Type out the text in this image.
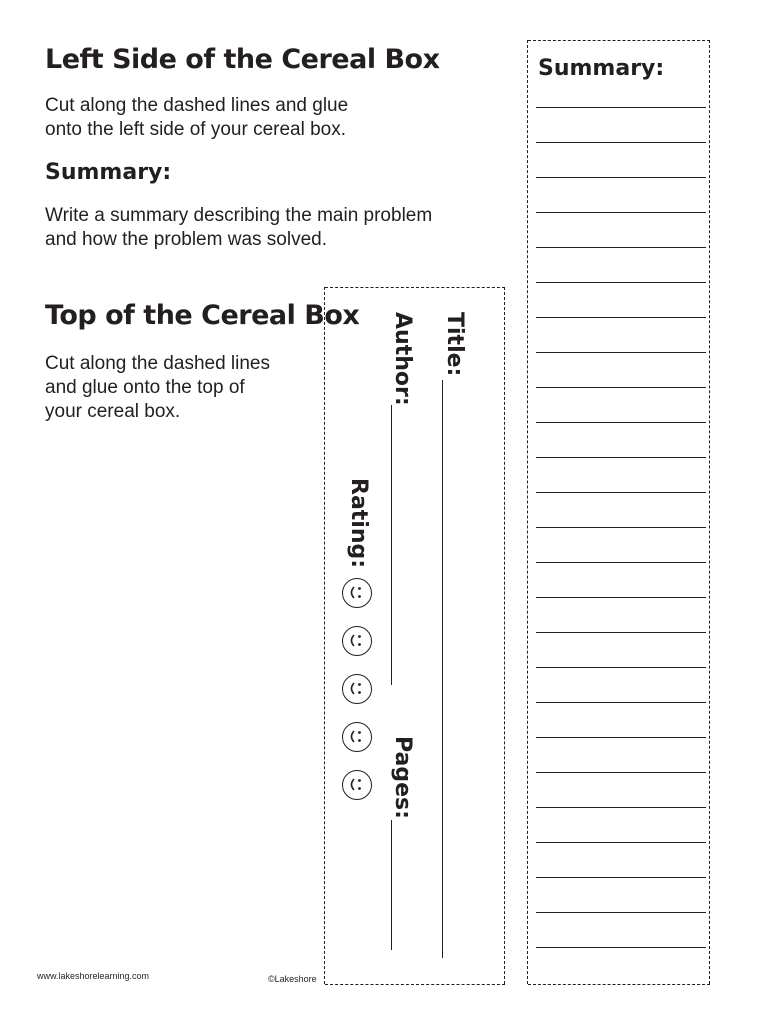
Left Side of the Cereal Box
Cut along the dashed lines and glue
onto the left side of your cereal box.
Summary:
Write a summary describing the main problem
and how the problem was solved.
Top of the Cereal Box
Cut along the dashed lines
and glue onto the top of
your cereal box.
Title:
Author:
Pages:
Rating:
Summary:
www.lakeshorelearning.com	©Lakeshore
